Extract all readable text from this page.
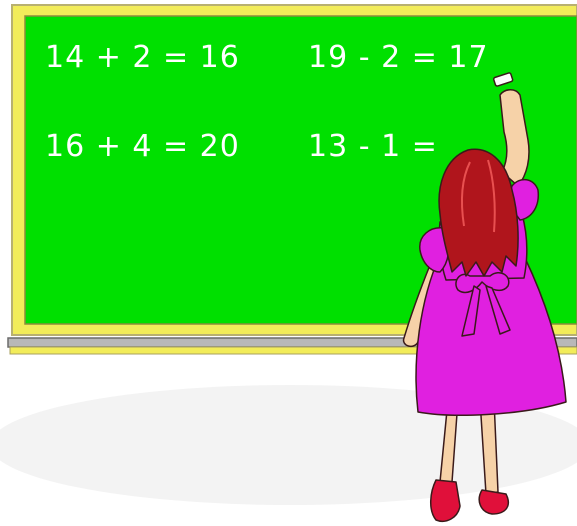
14 + 2 = 16 19 - 2 = 17
16 + 4 = 20 13 - 1 =
